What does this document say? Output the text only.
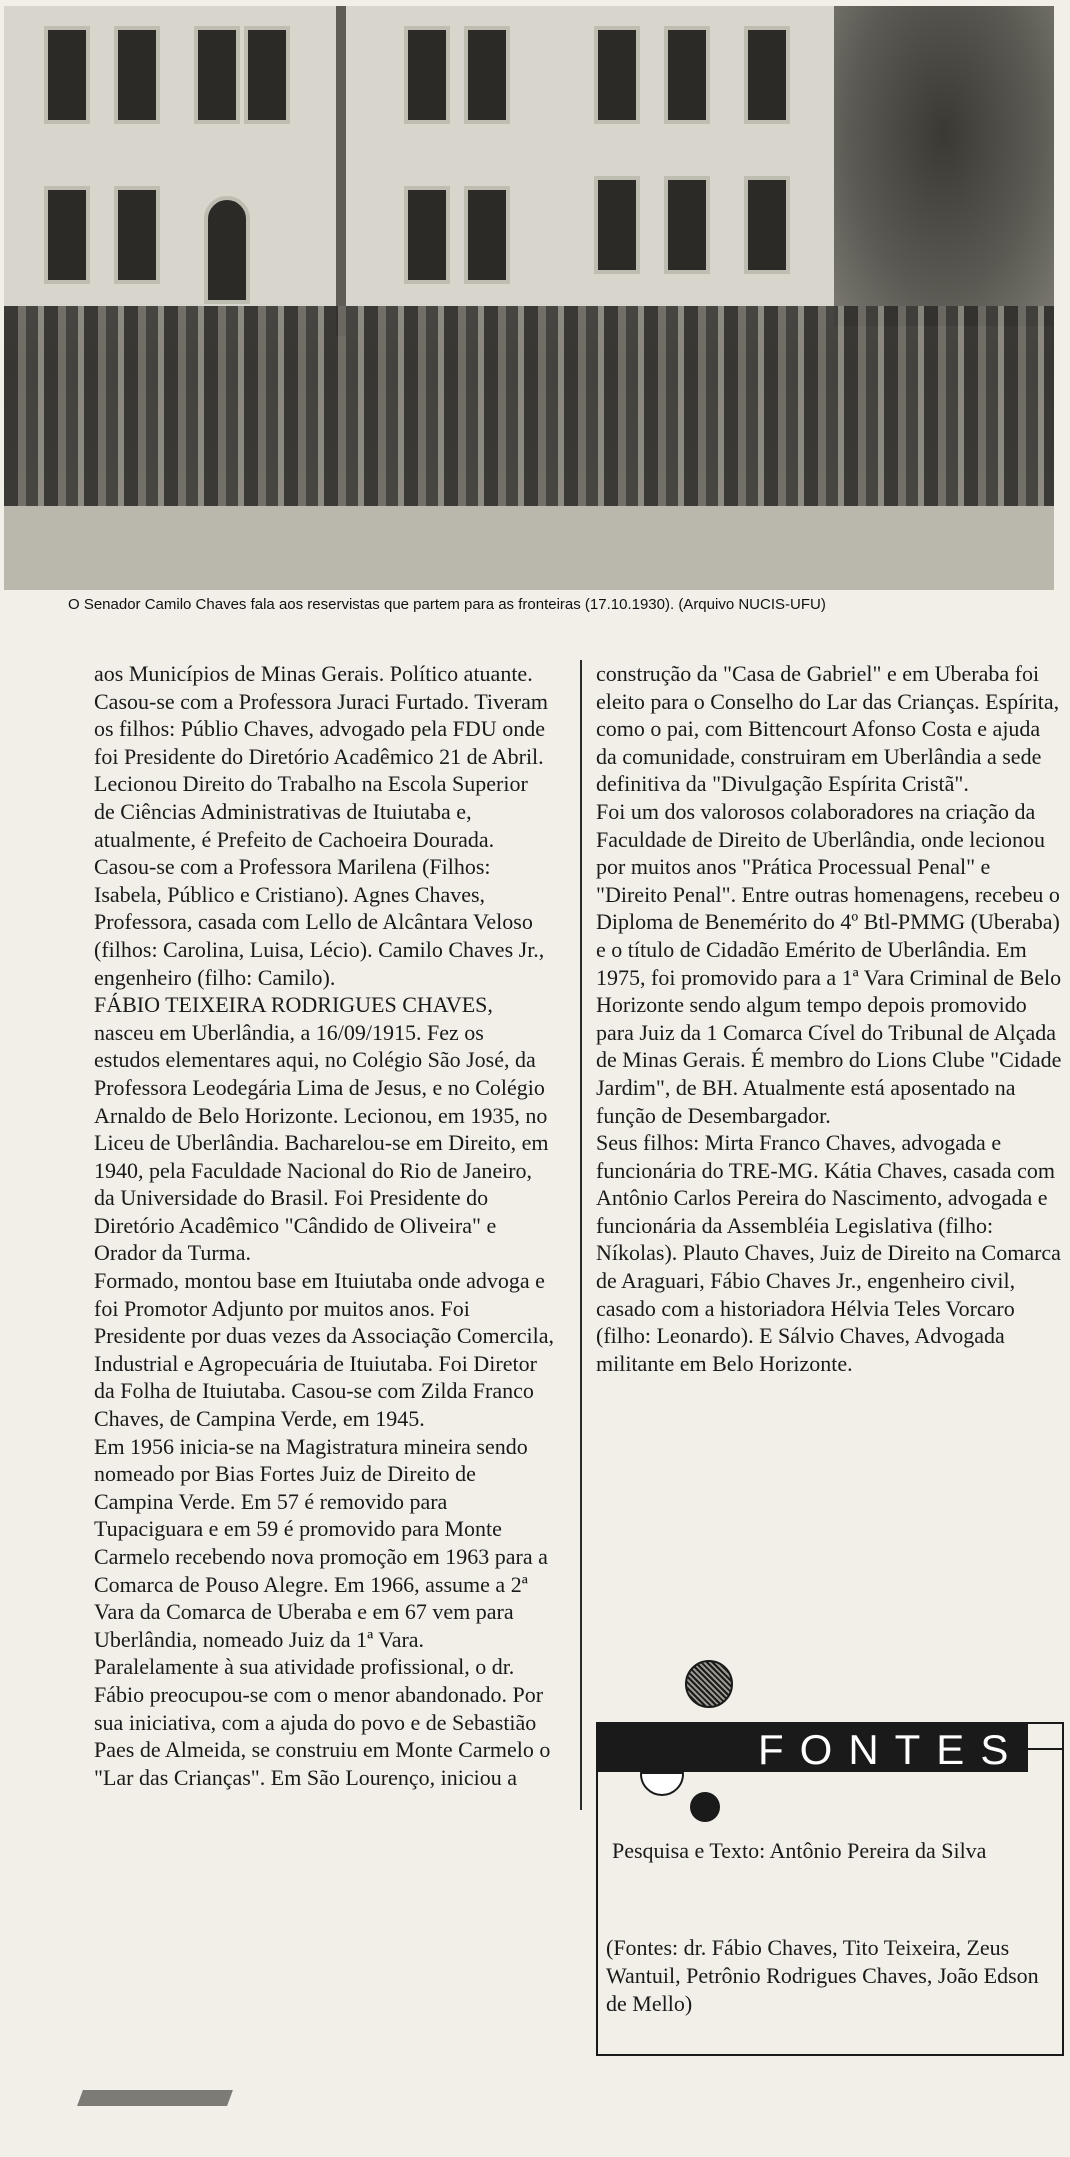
O Senador Camilo Chaves fala aos reservistas que partem para as fronteiras (17.10.1930). (Arquivo NUCIS-UFU)

aos Municípios de Minas Gerais. Político atuante. Casou-se com a Professora Juraci Furtado. Tiveram os filhos: Públio Chaves, advogado pela FDU onde foi Presidente do Diretório Acadêmico 21 de Abril. Lecionou Direito do Trabalho na Escola Superior de Ciências Administrativas de Ituiutaba e, atualmente, é Prefeito de Cachoeira Dourada. Casou-se com a Professora Marilena (Filhos: Isabela, Público e Cristiano). Agnes Chaves, Professora, casada com Lello de Alcântara Veloso (filhos: Carolina, Luisa, Lécio). Camilo Chaves Jr., engenheiro (filho: Camilo).

FÁBIO TEIXEIRA RODRIGUES CHAVES, nasceu em Uberlândia, a 16/09/1915. Fez os estudos elementares aqui, no Colégio São José, da Professora Leodegária Lima de Jesus, e no Colégio Arnaldo de Belo Horizonte. Lecionou, em 1935, no Liceu de Uberlândia. Bacharelou-se em Direito, em 1940, pela Faculdade Nacional do Rio de Janeiro, da Universidade do Brasil. Foi Presidente do Diretório Acadêmico "Cândido de Oliveira" e Orador da Turma.

Formado, montou base em Ituiutaba onde advoga e foi Promotor Adjunto por muitos anos. Foi Presidente por duas vezes da Associação Comercila, Industrial e Agropecuária de Ituiutaba. Foi Diretor da Folha de Ituiutaba. Casou-se com Zilda Franco Chaves, de Campina Verde, em 1945.

Em 1956 inicia-se na Magistratura mineira sendo nomeado por Bias Fortes Juiz de Direito de Campina Verde. Em 57 é removido para Tupaciguara e em 59 é promovido para Monte Carmelo recebendo nova promoção em 1963 para a Comarca de Pouso Alegre. Em 1966, assume a 2ª Vara da Comarca de Uberaba e em 67 vem para Uberlândia, nomeado Juiz da 1ª Vara. Paralelamente à sua atividade profissional, o dr. Fábio preocupou-se com o menor abandonado. Por sua iniciativa, com a ajuda do povo e de Sebastião Paes de Almeida, se construiu em Monte Carmelo o "Lar das Crianças". Em São Lourenço, iniciou a

construção da "Casa de Gabriel" e em Uberaba foi eleito para o Conselho do Lar das Crianças. Espírita, como o pai, com Bittencourt Afonso Costa e ajuda da comunidade, construiram em Uberlândia a sede definitiva da "Divulgação Espírita Cristã".

Foi um dos valorosos colaboradores na criação da Faculdade de Direito de Uberlândia, onde lecionou por muitos anos "Prática Processual Penal" e "Direito Penal". Entre outras homenagens, recebeu o Diploma de Benemérito do 4º Btl-PMMG (Uberaba) e o título de Cidadão Emérito de Uberlândia. Em 1975, foi promovido para a 1ª Vara Criminal de Belo Horizonte sendo algum tempo depois promovido para Juiz da 1 Comarca Cível do Tribunal de Alçada de Minas Gerais. É membro do Lions Clube "Cidade Jardim", de BH. Atualmente está aposentado na função de Desembargador.

Seus filhos: Mirta Franco Chaves, advogada e funcionária do TRE-MG. Kátia Chaves, casada com Antônio Carlos Pereira do Nascimento, advogada e funcionária da Assembléia Legislativa (filho: Níkolas). Plauto Chaves, Juiz de Direito na Comarca de Araguari, Fábio Chaves Jr., engenheiro civil, casado com a historiadora Hélvia Teles Vorcaro (filho: Leonardo). E Sálvio Chaves, Advogada militante em Belo Horizonte.

FONTES
Pesquisa e Texto: Antônio Pereira da Silva
(Fontes: dr. Fábio Chaves, Tito Teixeira, Zeus Wantuil, Petrônio Rodrigues Chaves, João Edson de Mello)
